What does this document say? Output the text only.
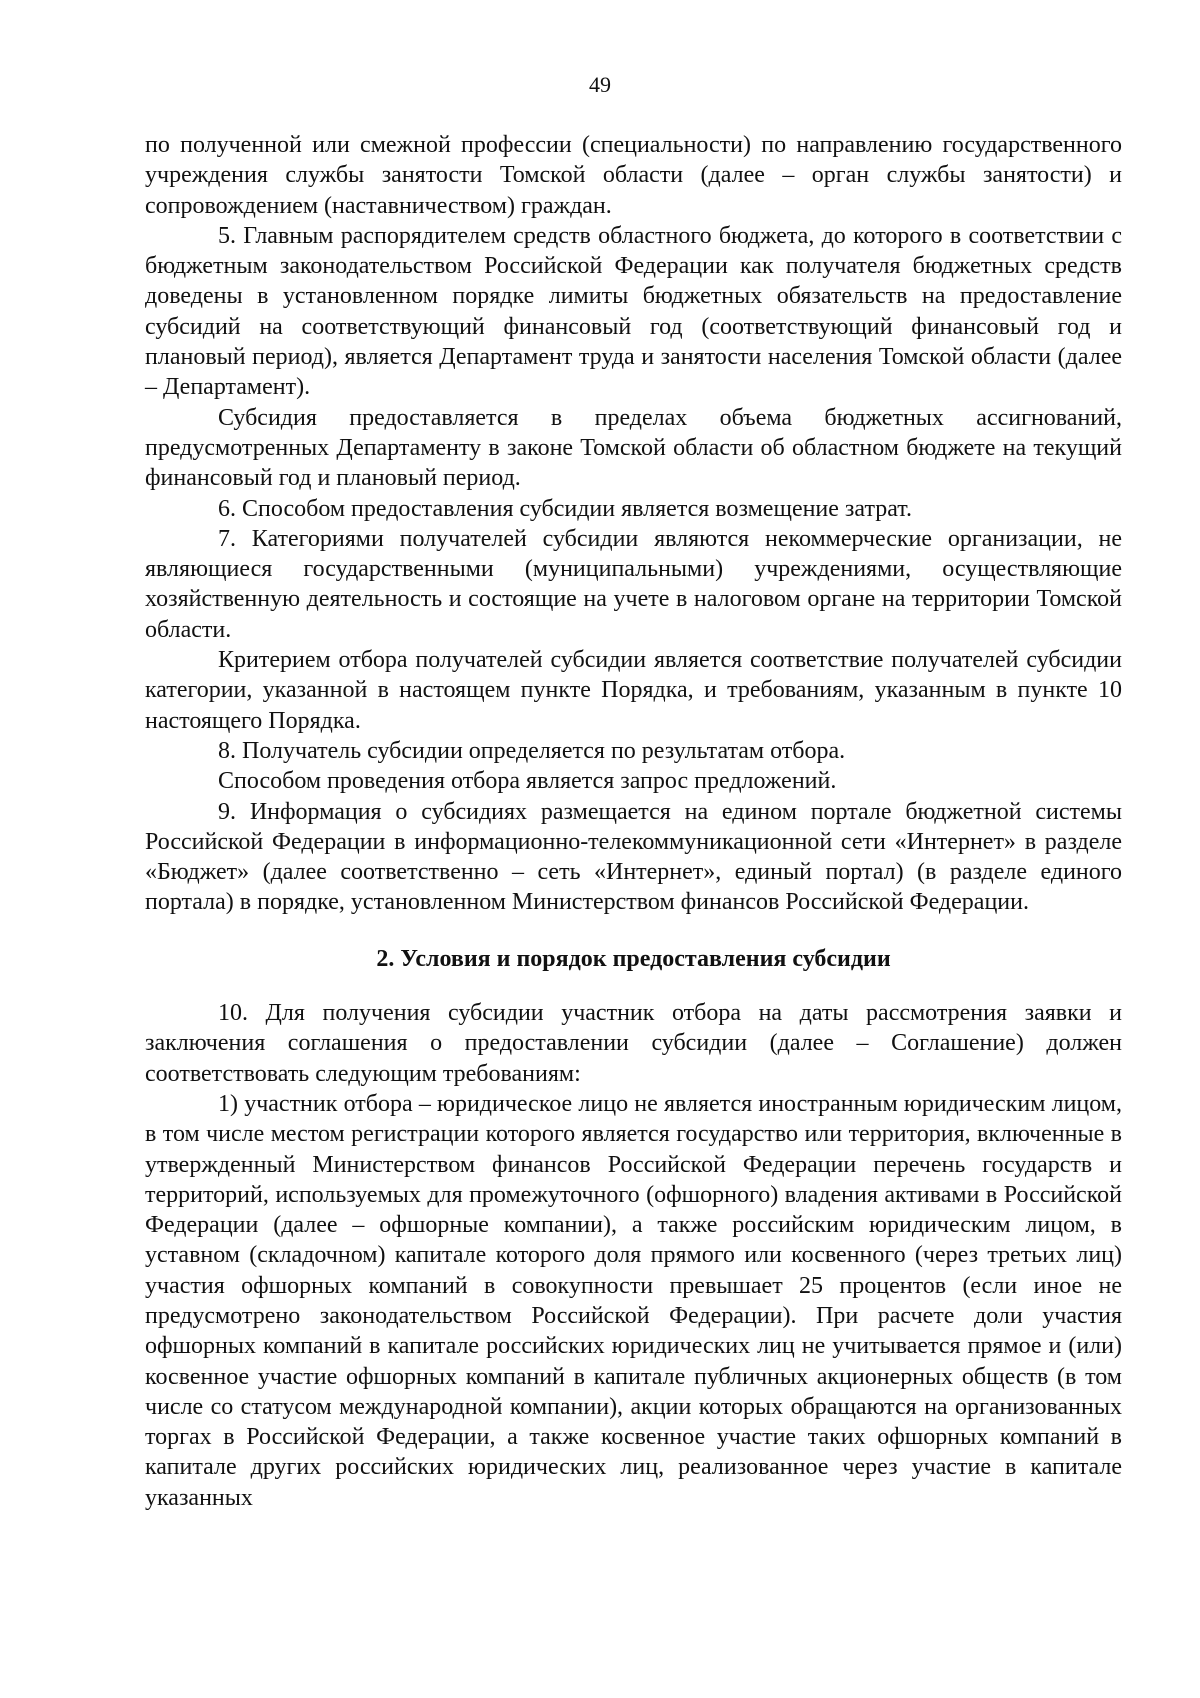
49

по полученной или смежной профессии (специальности) по направлению государственного учреждения службы занятости Томской области (далее – орган службы занятости) и сопровождением (наставничеством) граждан.

5. Главным распорядителем средств областного бюджета, до которого в соответствии с бюджетным законодательством Российской Федерации как получателя бюджетных средств доведены в установленном порядке лимиты бюджетных обязательств на предоставление субсидий на соответствующий финансовый год (соответствующий финансовый год и плановый период), является Департамент труда и занятости населения Томской области (далее – Департамент).

Субсидия предоставляется в пределах объема бюджетных ассигнований, предусмотренных Департаменту в законе Томской области об областном бюджете на текущий финансовый год и плановый период.

6. Способом предоставления субсидии является возмещение затрат.

7. Категориями получателей субсидии являются некоммерческие организации, не являющиеся государственными (муниципальными) учреждениями, осуществляющие хозяйственную деятельность и состоящие на учете в налоговом органе на территории Томской области.

Критерием отбора получателей субсидии является соответствие получателей субсидии категории, указанной в настоящем пункте Порядка, и требованиям, указанным в пункте 10 настоящего Порядка.

8. Получатель субсидии определяется по результатам отбора.

Способом проведения отбора является запрос предложений.

9. Информация о субсидиях размещается на едином портале бюджетной системы Российской Федерации в информационно-телекоммуникационной сети «Интернет» в разделе «Бюджет» (далее соответственно – сеть «Интернет», единый портал) (в разделе единого портала) в порядке, установленном Министерством финансов Российской Федерации.

2. Условия и порядок предоставления субсидии

10. Для получения субсидии участник отбора на даты рассмотрения заявки и заключения соглашения о предоставлении субсидии (далее – Соглашение) должен соответствовать следующим требованиям:

1) участник отбора – юридическое лицо не является иностранным юридическим лицом, в том числе местом регистрации которого является государство или территория, включенные в утвержденный Министерством финансов Российской Федерации перечень государств и территорий, используемых для промежуточного (офшорного) владения активами в Российской Федерации (далее – офшорные компании), а также российским юридическим лицом, в уставном (складочном) капитале которого доля прямого или косвенного (через третьих лиц) участия офшорных компаний в совокупности превышает 25 процентов (если иное не предусмотрено законодательством Российской Федерации). При расчете доли участия офшорных компаний в капитале российских юридических лиц не учитывается прямое и (или) косвенное участие офшорных компаний в капитале публичных акционерных обществ (в том числе со статусом международной компании), акции которых обращаются на организованных торгах в Российской Федерации, а также косвенное участие таких офшорных компаний в капитале других российских юридических лиц, реализованное через участие в капитале указанных
